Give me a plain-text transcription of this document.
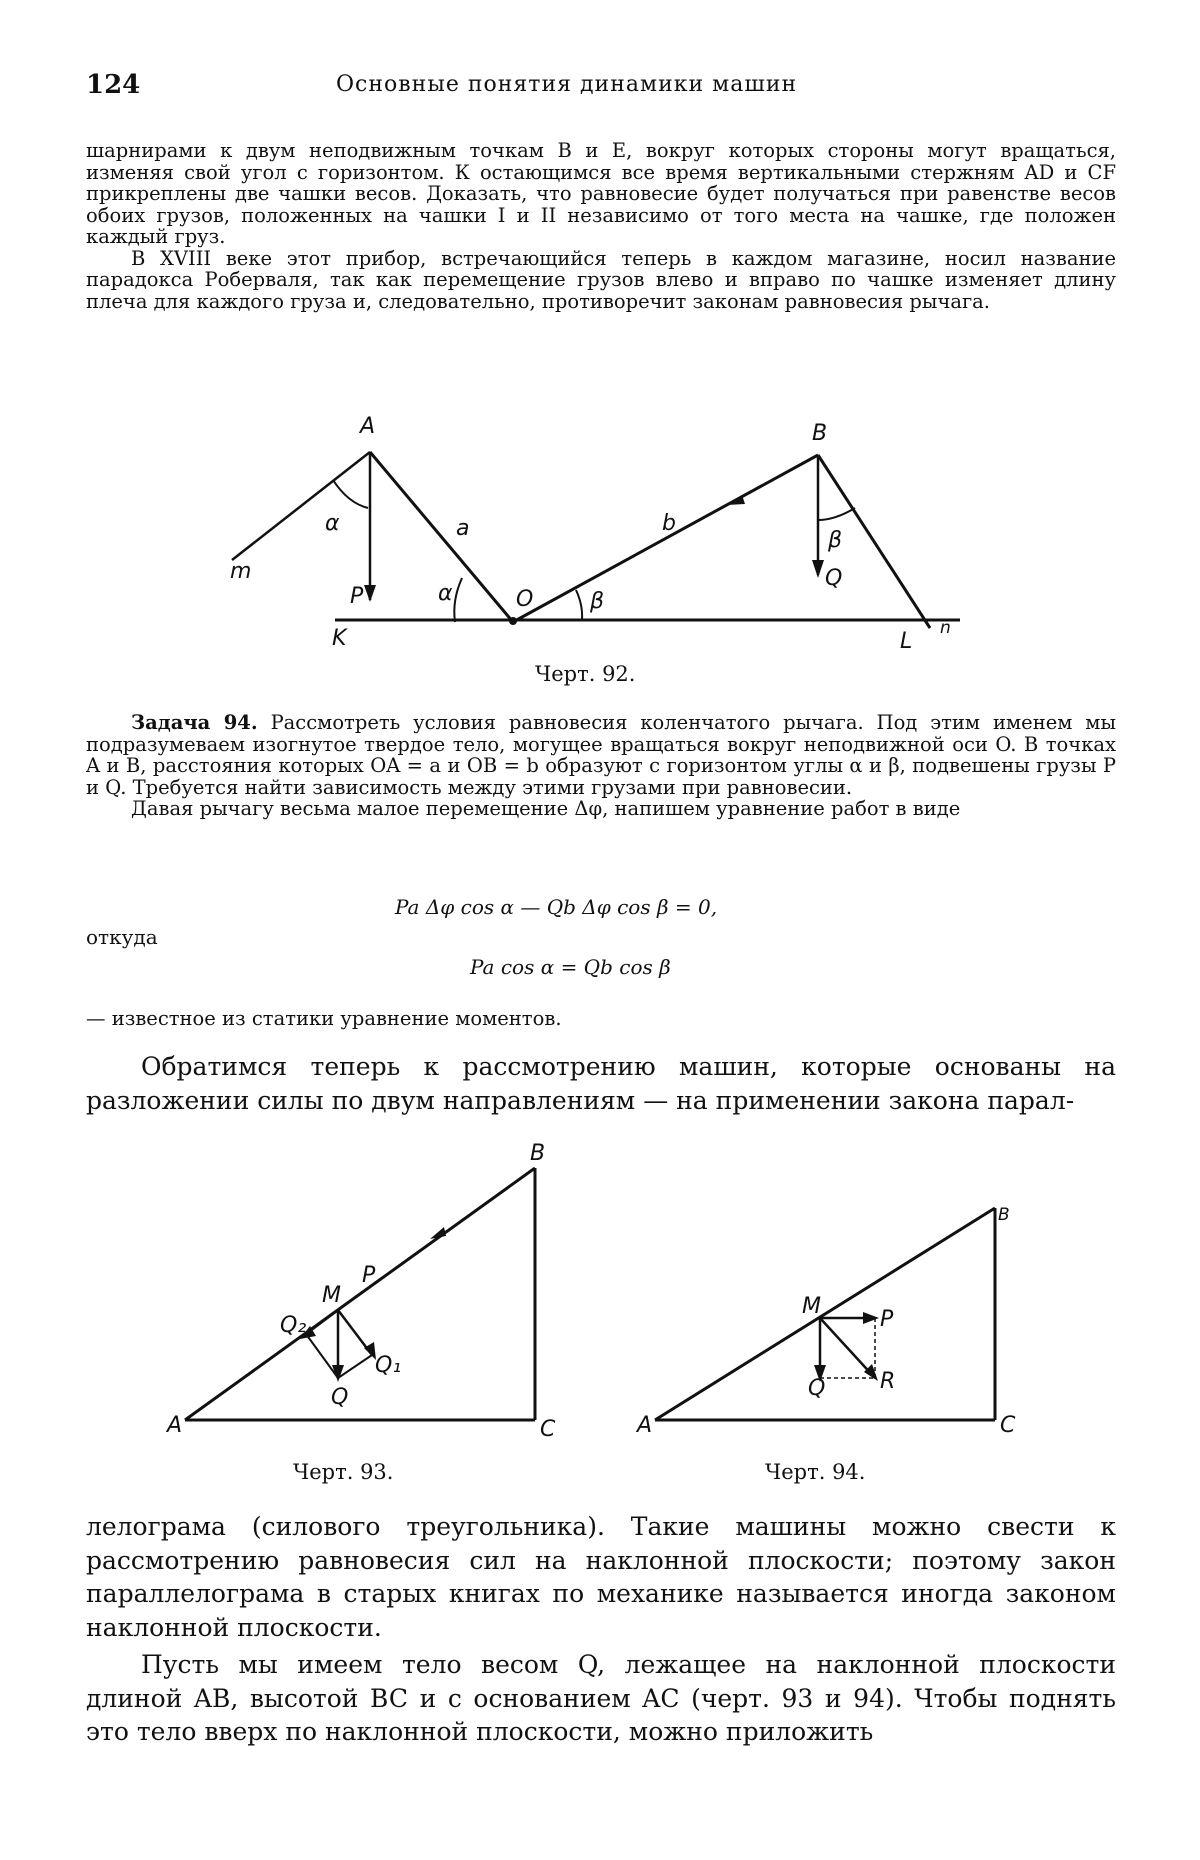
124	Основные понятия динамики машин

шарнирами к двум неподвижным точкам B и E, вокруг которых стороны могут вращаться, изменяя свой угол с горизонтом. К остающимся все время вертикальными стержням AD и CF прикреплены две чашки весов. Доказать, что равновесие будет получаться при равенстве весов обоих грузов, положенных на чашки I и II независимо от того места на чашке, где положен каждый груз.

В XVIII веке этот прибор, встречающийся теперь в каждом магазине, носил название парадокса Роберваля, так как перемещение грузов влево и вправо по чашке изменяет длину плеча для каждого груза и, следовательно, противоречит законам равновесия рычага.

A	B
O
K	L
n
m
a	b
P
Q
α
α	β
β
Черт. 92.

Задача 94. Рассмотреть условия равновесия коленчатого рычага. Под этим именем мы подразумеваем изогнутое твердое тело, могущее вращаться вокруг неподвижной оси O. В точках A и B, расстояния которых OA = a и OB = b образуют с горизонтом углы α и β, подвешены грузы P и Q. Требуется найти зависимость между этими грузами при равновесии.

Давая рычагу весьма малое перемещение Δφ, напишем уравнение работ в виде

Pa Δφ cos α — Qb Δφ cos β = 0,
откуда
Pa cos α = Qb cos β

— известное из статики уравнение моментов.

Обратимся теперь к рассмотрению машин, которые основаны на разложении силы по двум направлениям — на применении закона парал-

A
B
C
M
P
Q
Q₁
Q₂
A
B
C
M
P
Q R
Черт. 93.	Черт. 94.

лелограма (силового треугольника). Такие машины можно свести к рассмотрению равновесия сил на наклонной плоскости; поэтому закон параллелограма в старых книгах по механике называется иногда законом наклонной плоскости.

Пусть мы имеем тело весом Q, лежащее на наклонной плоскости длиной AB, высотой BC и с основанием AC (черт. 93 и 94). Чтобы поднять это тело вверх по наклонной плоскости, можно приложить
